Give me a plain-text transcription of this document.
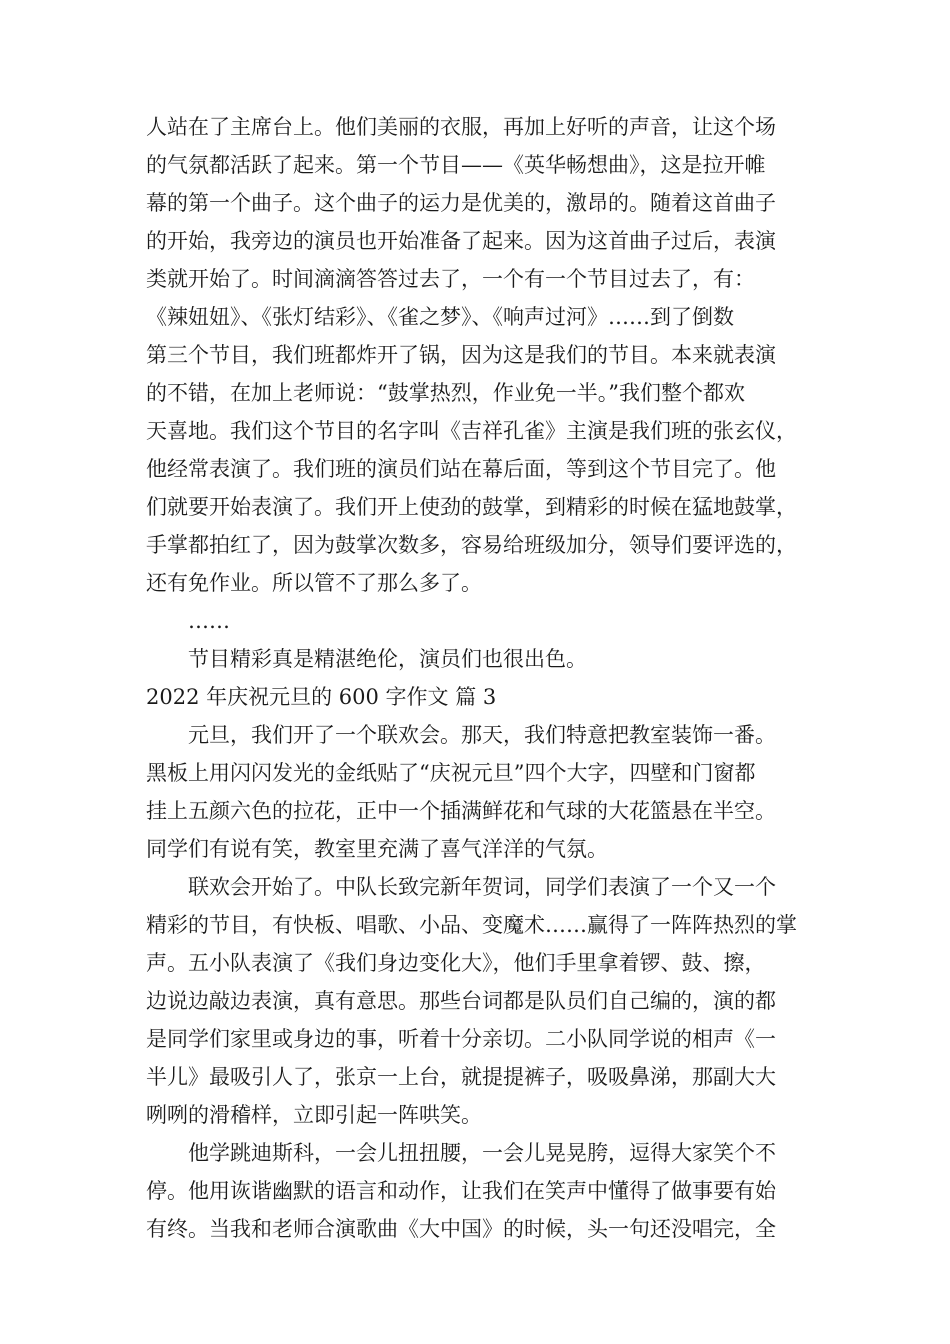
人站在了主席台上。他们美丽的衣服，再加上好听的声音，让这个场
的气氛都活跃了起来。第一个节目——《英华畅想曲》，这是拉开帷
幕的第一个曲子。这个曲子的运力是优美的，激昂的。随着这首曲子
的开始，我旁边的演员也开始准备了起来。因为这首曲子过后，表演
类就开始了。时间滴滴答答过去了，一个有一个节目过去了，有：
《辣妞妞》、《张灯结彩》、《雀之梦》、《响声过河》……到了倒数
第三个节目，我们班都炸开了锅，因为这是我们的节目。本来就表演
的不错，在加上老师说：“鼓掌热烈，作业免一半。”我们整个都欢
天喜地。我们这个节目的名字叫《吉祥孔雀》主演是我们班的张玄仪，
他经常表演了。我们班的演员们站在幕后面，等到这个节目完了。他
们就要开始表演了。我们开上使劲的鼓掌，到精彩的时候在猛地鼓掌，
手掌都拍红了，因为鼓掌次数多，容易给班级加分，领导们要评选的，
还有免作业。所以管不了那么多了。
……
节目精彩真是精湛绝伦，演员们也很出色。
2022 年庆祝元旦的 600 字作文 篇 3
元旦，我们开了一个联欢会。那天，我们特意把教室装饰一番。
黑板上用闪闪发光的金纸贴了“庆祝元旦”四个大字，四壁和门窗都
挂上五颜六色的拉花，正中一个插满鲜花和气球的大花篮悬在半空。
同学们有说有笑，教室里充满了喜气洋洋的气氛。
联欢会开始了。中队长致完新年贺词，同学们表演了一个又一个
精彩的节目，有快板、唱歌、小品、变魔术……赢得了一阵阵热烈的掌
声。五小队表演了《我们身边变化大》，他们手里拿着锣、鼓、擦，
边说边敲边表演，真有意思。那些台词都是队员们自己编的，演的都
是同学们家里或身边的事，听着十分亲切。二小队同学说的相声《一
半儿》最吸引人了，张京一上台，就提提裤子，吸吸鼻涕，那副大大
咧咧的滑稽样，立即引起一阵哄笑。
他学跳迪斯科，一会儿扭扭腰，一会儿晃晃胯，逗得大家笑个不
停。他用诙谐幽默的语言和动作，让我们在笑声中懂得了做事要有始
有终。当我和老师合演歌曲《大中国》的时候，头一句还没唱完，全
